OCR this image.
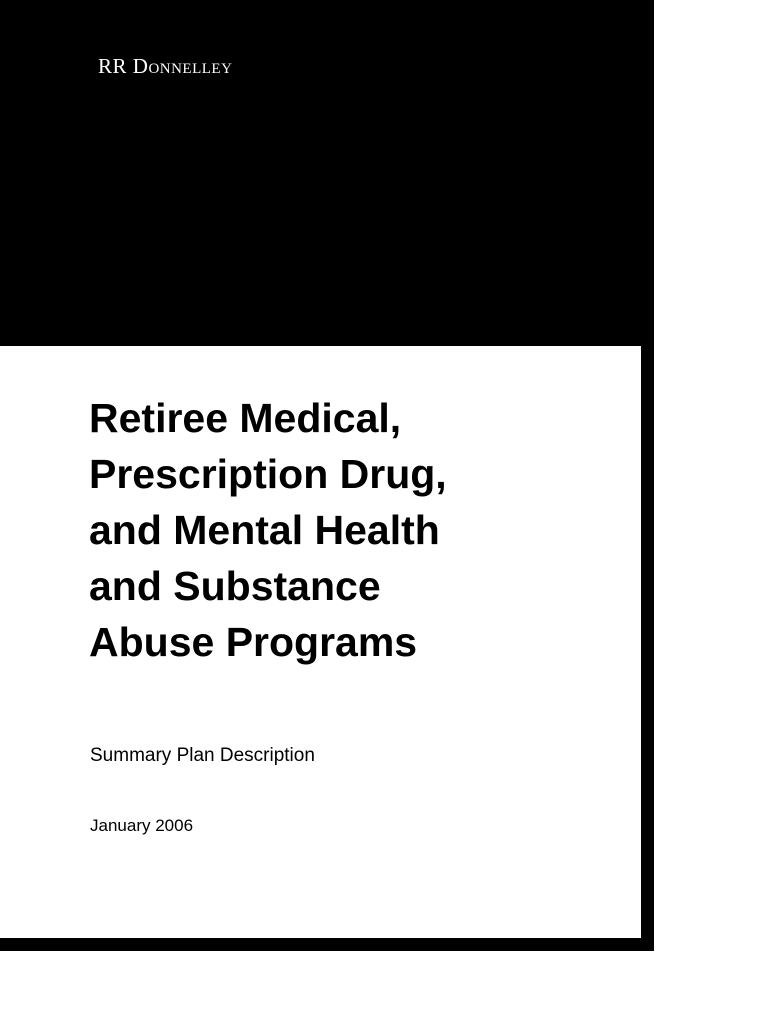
RR Donnelley
Retiree Medical,
Prescription Drug,
and Mental Health
and Substance
Abuse Programs
Summary Plan Description
January 2006
